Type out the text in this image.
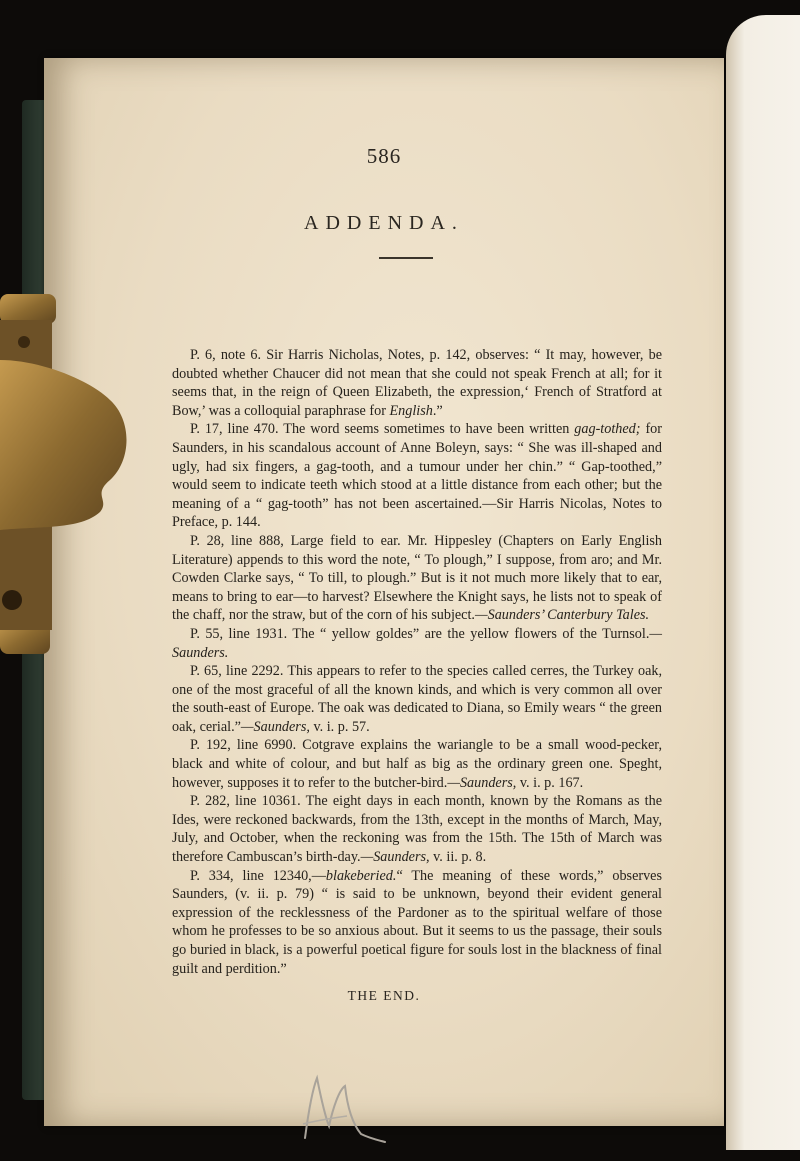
586
ADDENDA.

P. 6, note 6. Sir Harris Nicholas, Notes, p. 142, observes: “ It may, however, be doubted whether Chaucer did not mean that she could not speak French at all; for it seems that, in the reign of Queen Elizabeth, the expression,‘ French of Stratford at Bow,’ was a colloquial paraphrase for English.”

P. 17, line 470. The word seems sometimes to have been written gag-tothed; for Saunders, in his scandalous account of Anne Boleyn, says: “ She was ill-shaped and ugly, had six fingers, a gag-tooth, and a tumour under her chin.” “ Gap-toothed,” would seem to indicate teeth which stood at a little distance from each other; but the meaning of a “ gag-tooth” has not been ascertained.—Sir Harris Nicolas, Notes to Preface, p. 144.

P. 28, line 888, Large field to ear. Mr. Hippesley (Chapters on Early English Literature) appends to this word the note, “ To plough,” I suppose, from aro; and Mr. Cowden Clarke says, “ To till, to plough.” But is it not much more likely that to ear, means to bring to ear—to harvest? Elsewhere the Knight says, he lists not to speak of the chaff, nor the straw, but of the corn of his subject.—Saunders’ Canterbury Tales.

P. 55, line 1931. The “ yellow goldes” are the yellow flowers of the Turnsol.—Saunders.

P. 65, line 2292. This appears to refer to the species called cerres, the Turkey oak, one of the most graceful of all the known kinds, and which is very common all over the south-east of Europe. The oak was dedicated to Diana, so Emily wears “ the green oak, cerial.”—Saunders, v. i. p. 57.

P. 192, line 6990. Cotgrave explains the wariangle to be a small wood-pecker, black and white of colour, and but half as big as the ordinary green one. Speght, however, supposes it to refer to the butcher-bird.—Saunders, v. i. p. 167.

P. 282, line 10361. The eight days in each month, known by the Romans as the Ides, were reckoned backwards, from the 13th, except in the months of March, May, July, and October, when the reckoning was from the 15th. The 15th of March was therefore Cambuscan’s birth-day.—Saunders, v. ii. p. 8.

P. 334, line 12340,—blakeberied.“ The meaning of these words,” observes Saunders, (v. ii. p. 79) “ is said to be unknown, beyond their evident general expression of the recklessness of the Pardoner as to the spiritual welfare of those whom he professes to be so anxious about. But it seems to us the passage, their souls go buried in black, is a powerful poetical figure for souls lost in the blackness of final guilt and perdition.”

THE END.
